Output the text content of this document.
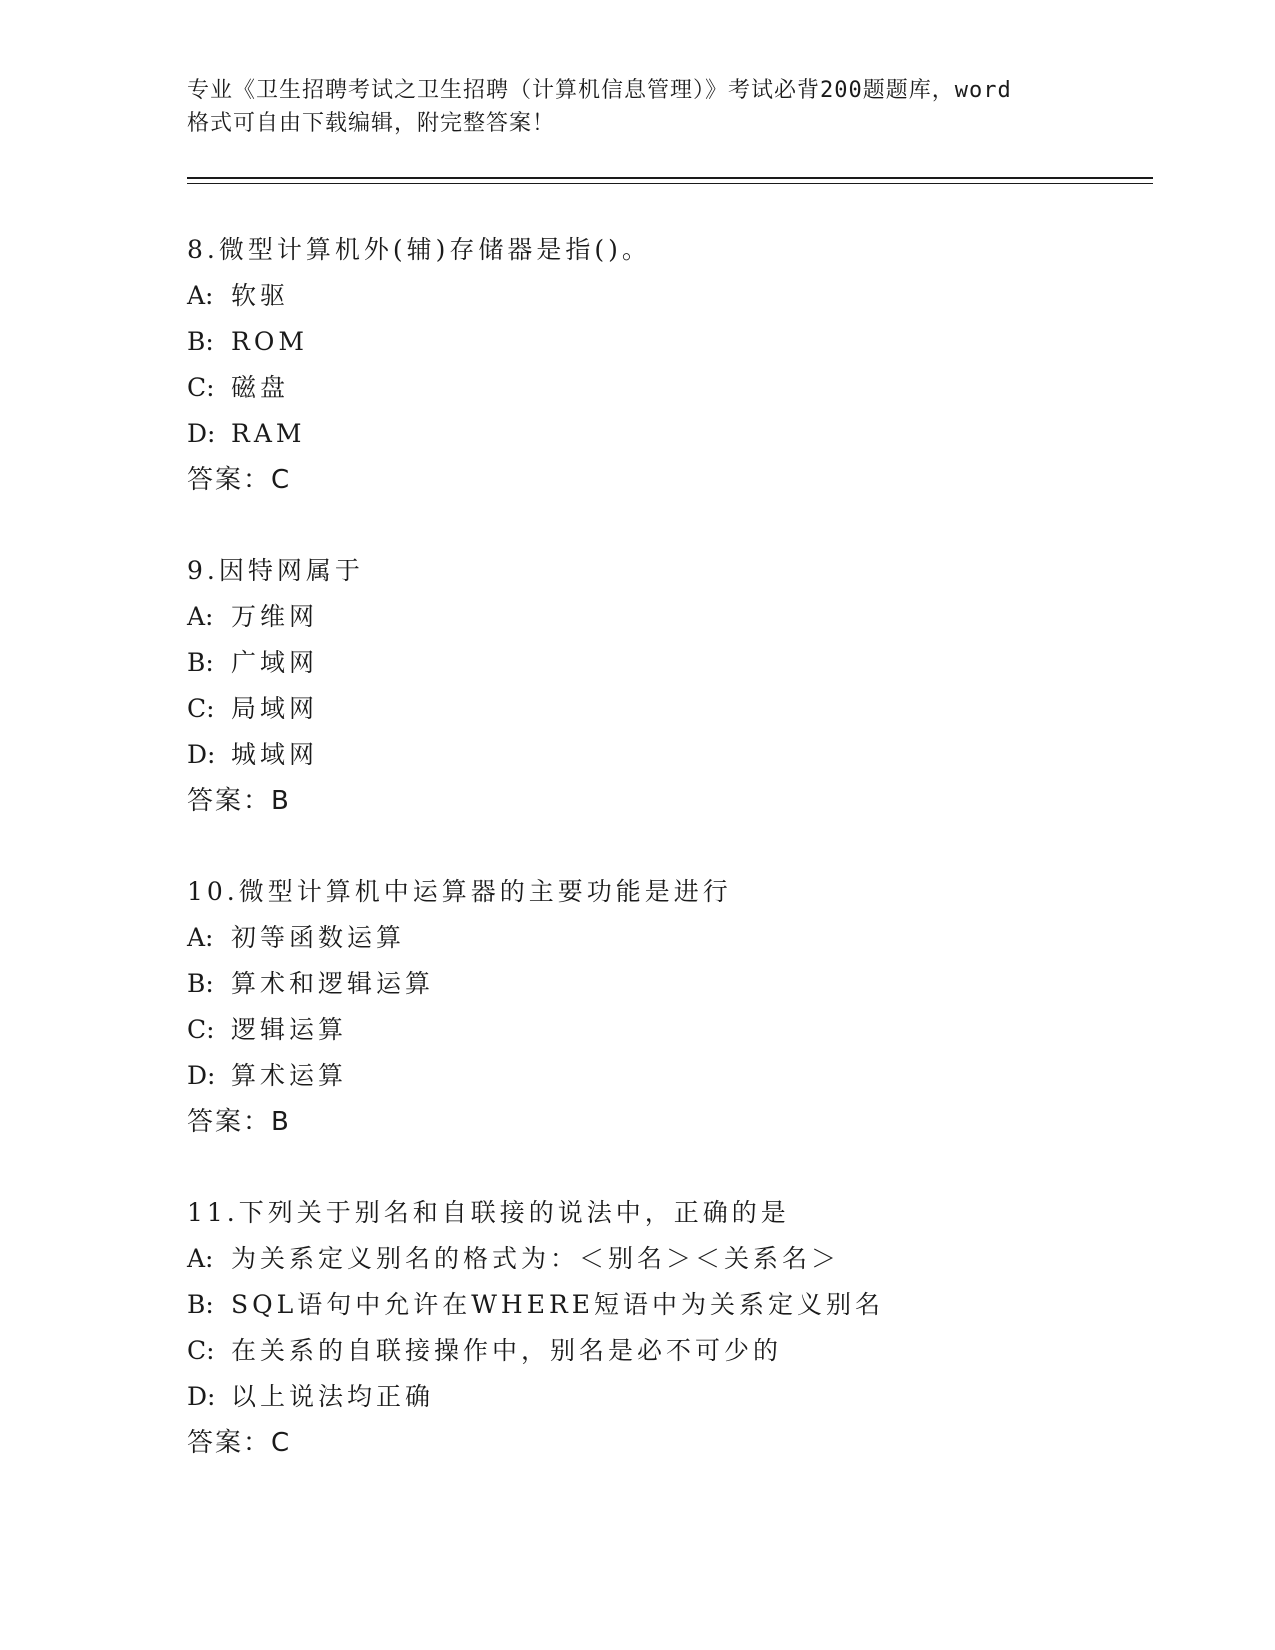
专业《卫生招聘考试之卫生招聘（计算机信息管理）》考试必背200题题库，word
格式可自由下载编辑，附完整答案！
8.微型计算机外(辅)存储器是指()。
A: 软驱
B: ROM
C: 磁盘
D: RAM
答案：C
9.因特网属于
A: 万维网
B: 广域网
C: 局域网
D: 城域网
答案：B
10.微型计算机中运算器的主要功能是进行
A: 初等函数运算
B: 算术和逻辑运算
C: 逻辑运算
D: 算术运算
答案：B
11.下列关于别名和自联接的说法中，正确的是
A: 为关系定义别名的格式为：＜别名＞＜关系名＞
B: SQL语句中允许在WHERE短语中为关系定义别名
C: 在关系的自联接操作中，别名是必不可少的
D: 以上说法均正确
答案：C
